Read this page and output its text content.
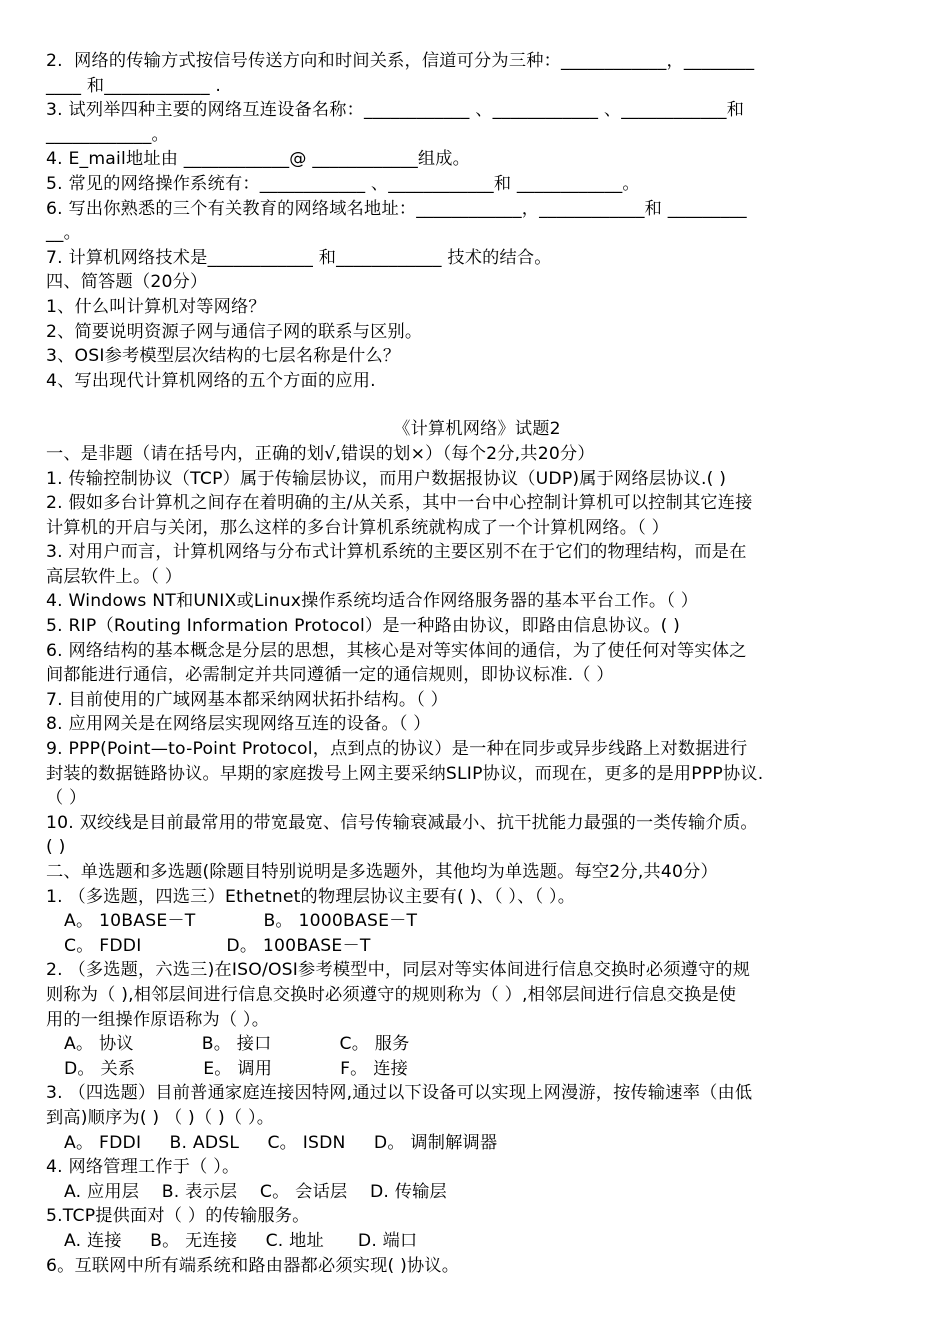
2.  网络的传输方式按信号传送方向和时间关系，信道可分为三种：____________，________
____ 和____________ .
3. 试列举四种主要的网络互连设备名称：____________ 、____________ 、____________和
____________。
4. E_mail地址由 ____________@ ____________组成。
5. 常见的网络操作系统有：____________ 、____________和 ____________。
6. 写出你熟悉的三个有关教育的网络域名地址：____________，____________和 _________
__。
7. 计算机网络技术是____________ 和____________ 技术的结合。
四、简答题（20分）
1、什么叫计算机对等网络？
2、简要说明资源子网与通信子网的联系与区别。
3、OSI参考模型层次结构的七层名称是什么？
4、写出现代计算机网络的五个方面的应用.
《计算机网络》试题2
一、是非题（请在括号内，正确的划√,错误的划×）（每个2分,共20分）
1. 传输控制协议（TCP）属于传输层协议，而用户数据报协议（UDP)属于网络层协议.( )
2. 假如多台计算机之间存在着明确的主/从关系，其中一台中心控制计算机可以控制其它连接
计算机的开启与关闭，那么这样的多台计算机系统就构成了一个计算机网络。（ ）
3. 对用户而言，计算机网络与分布式计算机系统的主要区别不在于它们的物理结构，而是在
高层软件上。（ ）
4. Windows NT和UNIX或Linux操作系统均适合作网络服务器的基本平台工作。（ ）
5. RIP（Routing Information Protocol）是一种路由协议，即路由信息协议。( )
6. 网络结构的基本概念是分层的思想，其核心是对等实体间的通信，为了使任何对等实体之
间都能进行通信，必需制定并共同遵循一定的通信规则，即协议标准.（ ）
7. 目前使用的广域网基本都采纳网状拓扑结构。（ ）
8. 应用网关是在网络层实现网络互连的设备。（ ）
9. PPP(Point—to-Point Protocol，点到点的协议）是一种在同步或异步线路上对数据进行
封装的数据链路协议。早期的家庭拨号上网主要采纳SLIP协议，而现在，更多的是用PPP协议.
（ ）
10. 双绞线是目前最常用的带宽最宽、信号传输衰减最小、抗干扰能力最强的一类传输介质。
( )
二、单选题和多选题(除题目特别说明是多选题外，其他均为单选题。每空2分,共40分）
1. （多选题，四选三）Ethetnet的物理层协议主要有( )、（ ）、（ ）。
A。 10BASE－T            B。 1000BASE－T
C。 FDDI               D。 100BASE－T
2. （多选题，六选三)在ISO/OSI参考模型中，同层对等实体间进行信息交换时必须遵守的规
则称为（ ),相邻层间进行信息交换时必须遵守的规则称为（ ）,相邻层间进行信息交换是使
用的一组操作原语称为（ ）。
A。 协议            B。 接口            C。 服务
D。 关系            E。 调用            F。 连接
3. （四选题）目前普通家庭连接因特网,通过以下设备可以实现上网漫游，按传输速率（由低
到高)顺序为( ) （ )（ )（ ）。
A。 FDDI     B. ADSL     C。 ISDN     D。 调制解调器
4. 网络管理工作于（ ）。
A. 应用层    B. 表示层    C。 会话层    D. 传输层
5.TCP提供面对（ ）的传输服务。
A. 连接     B。 无连接     C. 地址      D. 端口
6。互联网中所有端系统和路由器都必须实现( )协议。
